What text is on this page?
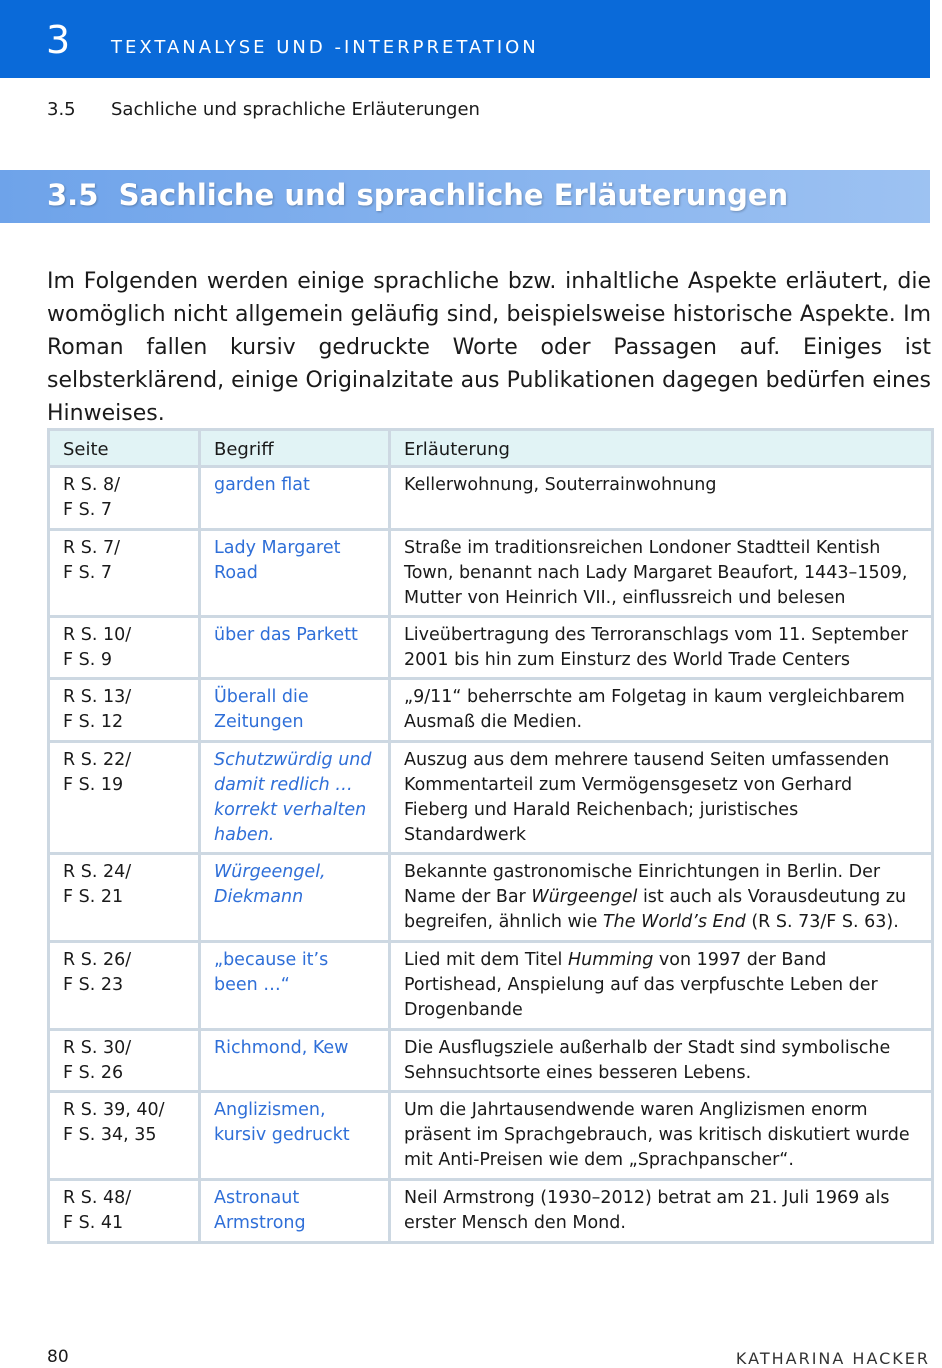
3 TEXTANALYSE UND -INTERPRETATION
3.5 Sachliche und sprachliche Erläuterungen
3.5  Sachliche und sprachliche Erläuterungen

Im Folgenden werden einige sprachliche bzw. inhaltliche Aspekte erläutert, die womöglich nicht allgemein geläufig sind, beispielsweise historische Aspekte. Im Roman fallen kursiv gedruckte Worte oder Passagen auf. Einiges ist selbsterklärend, einige Originalzitate aus Publikationen dagegen bedürfen eines Hinweises.

Seite	Begriff	Erläuterung
R S. 8/
F S. 7	garden flat	Kellerwohnung, Souterrainwohnung
R S. 7/
F S. 7	Lady Margaret Road	Straße im traditionsreichen Londoner Stadtteil Kentish Town, benannt nach Lady Margaret Beaufort, 1443–1509, Mutter von Heinrich VII., einflussreich und belesen
R S. 10/
F S. 9	über das Parkett	Liveübertragung des Terroranschlags vom 11. September 2001 bis hin zum Einsturz des World Trade Centers
R S. 13/
F S. 12	Überall die Zeitungen	„9/11“ beherrschte am Folgetag in kaum vergleichbarem Ausmaß die Medien.
R S. 22/
F S. 19	Schutzwürdig und damit redlich … korrekt verhalten haben.	Auszug aus dem mehrere tausend Seiten umfassenden Kommentarteil zum Vermögensgesetz von Gerhard Fieberg und Harald Reichenbach; juristisches Standardwerk
R S. 24/
F S. 21	Würgeengel, Diekmann	Bekannte gastronomische Einrichtungen in Berlin. Der Name der Bar Würgeengel ist auch als Vorausdeutung zu begreifen, ähnlich wie The World’s End (R S. 73/F S. 63).
R S. 26/
F S. 23	„because it’s been …“	Lied mit dem Titel Humming von 1997 der Band Portishead, Anspielung auf das verpfuschte Leben der Drogenbande
R S. 30/
F S. 26	Richmond, Kew	Die Ausflugsziele außerhalb der Stadt sind symbolische Sehnsuchtsorte eines besseren Lebens.
R S. 39, 40/
F S. 34, 35	Anglizismen, kursiv gedruckt	Um die Jahrtausendwende waren Anglizismen enorm präsent im Sprachgebrauch, was kritisch diskutiert wurde mit Anti-Preisen wie dem „Sprachpanscher“.
R S. 48/
F S. 41	Astronaut Armstrong	Neil Armstrong (1930–2012) betrat am 21. Juli 1969 als erster Mensch den Mond.
80	KATHARINA HACKER
